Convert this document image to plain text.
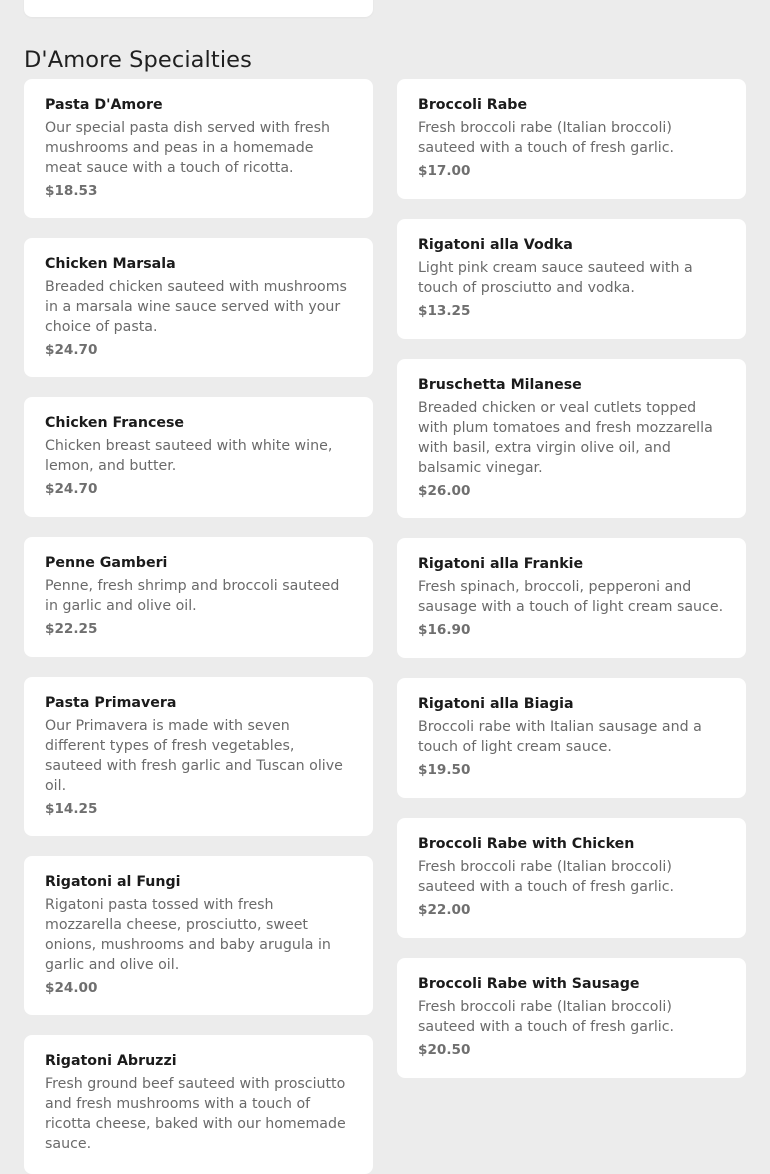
D'Amore Specialties

Pasta D'Amore

Our special pasta dish served with fresh mushrooms and peas in a homemade meat sauce with a touch of ricotta.

$18.53

Chicken Marsala

Breaded chicken sauteed with mushrooms in a marsala wine sauce served with your choice of pasta.

$24.70

Chicken Francese

Chicken breast sauteed with white wine, lemon, and butter.

$24.70

Penne Gamberi

Penne, fresh shrimp and broccoli sauteed in garlic and olive oil.

$22.25

Pasta Primavera

Our Primavera is made with seven different types of fresh vegetables, sauteed with fresh garlic and Tuscan olive oil.

$14.25

Rigatoni al Fungi

Rigatoni pasta tossed with fresh mozzarella cheese, prosciutto, sweet onions, mushrooms and baby arugula in garlic and olive oil.

$24.00

Rigatoni Abruzzi

Fresh ground beef sauteed with prosciutto and fresh mushrooms with a touch of ricotta cheese, baked with our homemade sauce.

Broccoli Rabe

Fresh broccoli rabe (Italian broccoli) sauteed with a touch of fresh garlic.

$17.00

Rigatoni alla Vodka

Light pink cream sauce sauteed with a touch of prosciutto and vodka.

$13.25

Bruschetta Milanese

Breaded chicken or veal cutlets topped with plum tomatoes and fresh mozzarella with basil, extra virgin olive oil, and balsamic vinegar.

$26.00

Rigatoni alla Frankie

Fresh spinach, broccoli, pepperoni and sausage with a touch of light cream sauce.

$16.90

Rigatoni alla Biagia

Broccoli rabe with Italian sausage and a touch of light cream sauce.

$19.50

Broccoli Rabe with Chicken

Fresh broccoli rabe (Italian broccoli) sauteed with a touch of fresh garlic.

$22.00

Broccoli Rabe with Sausage

Fresh broccoli rabe (Italian broccoli) sauteed with a touch of fresh garlic.

$20.50
